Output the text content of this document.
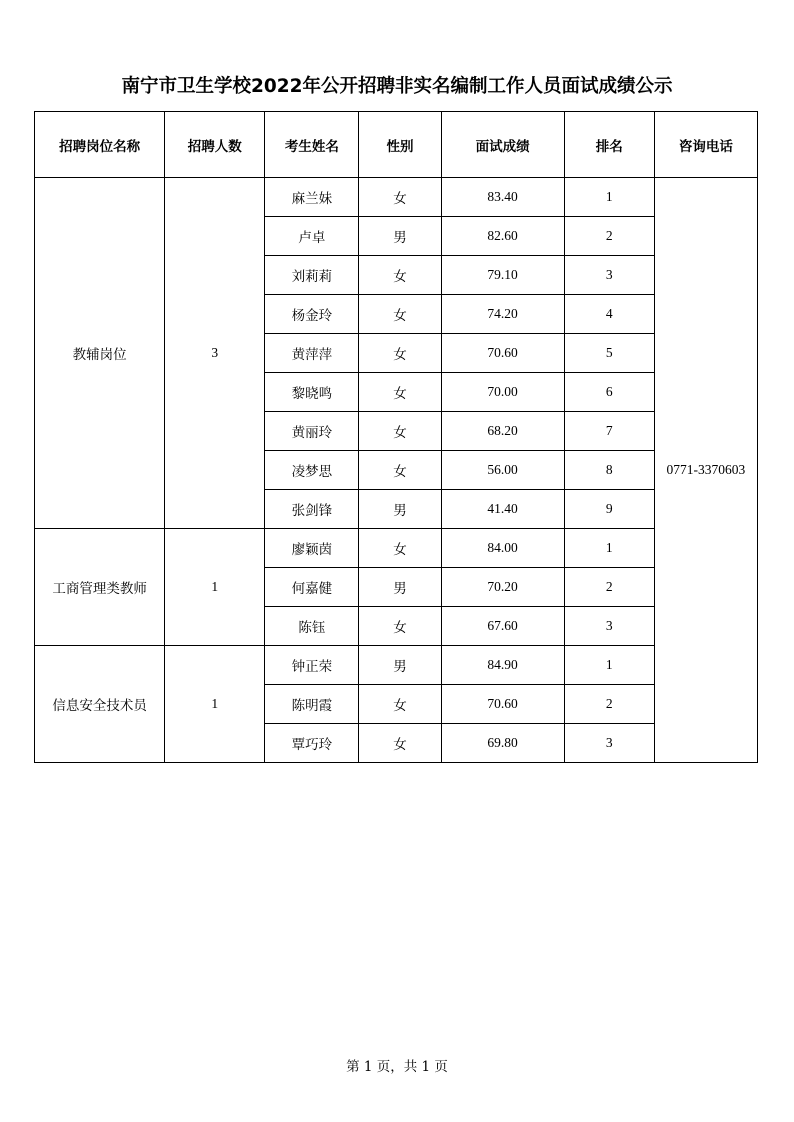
南宁市卫生学校2022年公开招聘非实名编制工作人员面试成绩公示
招聘岗位名称	招聘人数	考生姓名	性别	面试成绩	排名	咨询电话
教辅岗位	3	麻兰妹	女	83.40	1	0771-3370603
		卢卓	男	82.60	2	
		刘莉莉	女	79.10	3	
		杨金玲	女	74.20	4	
		黄萍萍	女	70.60	5	
		黎晓鸣	女	70.00	6	
		黄丽玲	女	68.20	7	
		凌梦思	女	56.00	8	
		张剑锋	男	41.40	9	
工商管理类教师	1	廖颖茵	女	84.00	1	
		何嘉健	男	70.20	2	
		陈钰	女	67.60	3	
信息安全技术员	1	钟正荣	男	84.90	1	
		陈明霞	女	70.60	2	
		覃巧玲	女	69.80	3	
第 1 页，共 1 页
